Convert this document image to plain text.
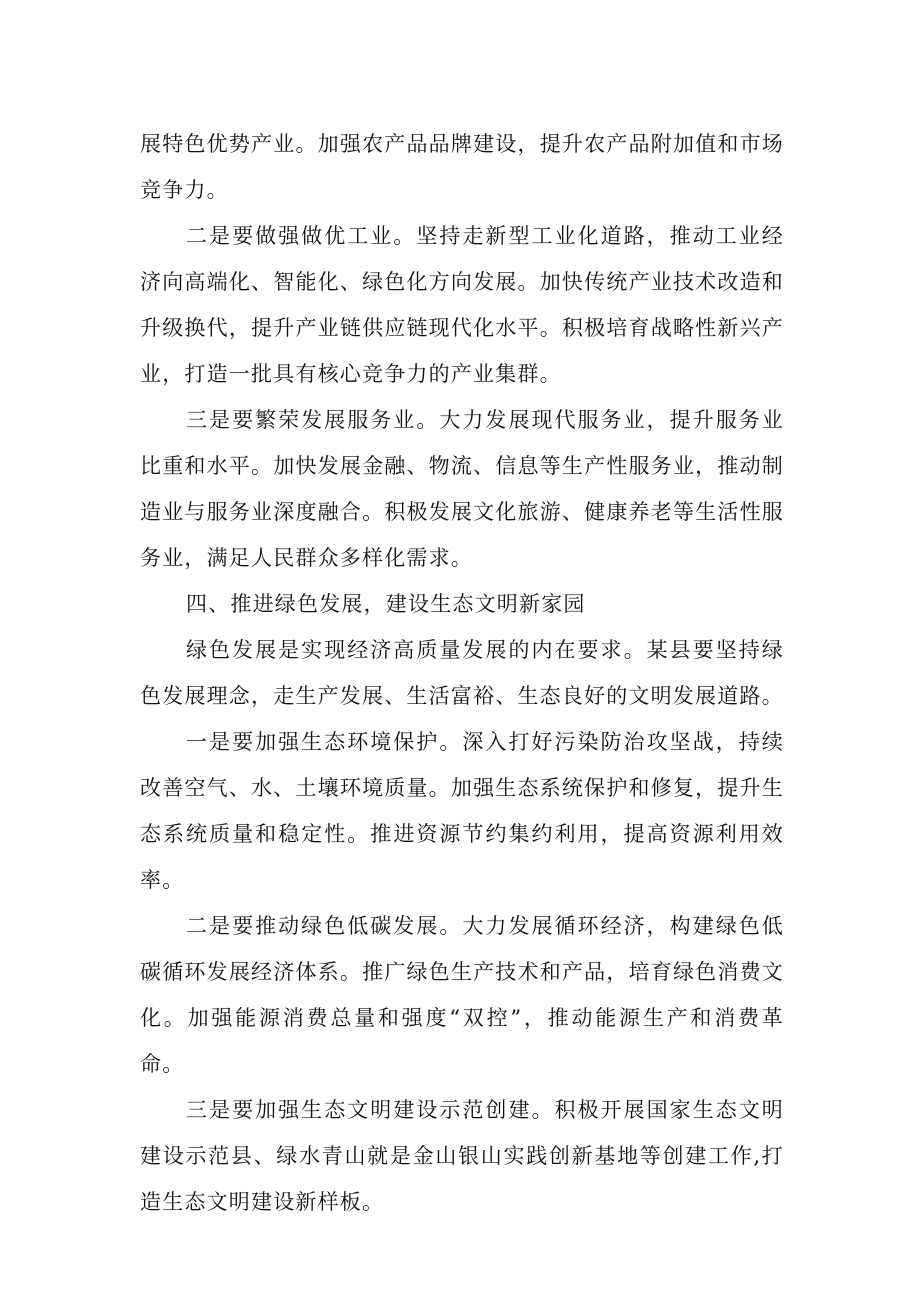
展特色优势产业。加强农产品品牌建设，提升农产品附加值和市场竞争力。

二是要做强做优工业。坚持走新型工业化道路，推动工业经济向高端化、智能化、绿色化方向发展。加快传统产业技术改造和升级换代，提升产业链供应链现代化水平。积极培育战略性新兴产业，打造一批具有核心竞争力的产业集群。

三是要繁荣发展服务业。大力发展现代服务业，提升服务业比重和水平。加快发展金融、物流、信息等生产性服务业，推动制造业与服务业深度融合。积极发展文化旅游、健康养老等生活性服务业，满足人民群众多样化需求。

四、推进绿色发展，建设生态文明新家园

绿色发展是实现经济高质量发展的内在要求。某县要坚持绿色发展理念，走生产发展、生活富裕、生态良好的文明发展道路。

一是要加强生态环境保护。深入打好污染防治攻坚战，持续改善空气、水、土壤环境质量。加强生态系统保护和修复，提升生态系统质量和稳定性。推进资源节约集约利用，提高资源利用效率。

二是要推动绿色低碳发展。大力发展循环经济，构建绿色低碳循环发展经济体系。推广绿色生产技术和产品，培育绿色消费文化。加强能源消费总量和强度“双控”，推动能源生产和消费革命。

三是要加强生态文明建设示范创建。积极开展国家生态文明建设示范县、绿水青山就是金山银山实践创新基地等创建工作,打造生态文明建设新样板。
